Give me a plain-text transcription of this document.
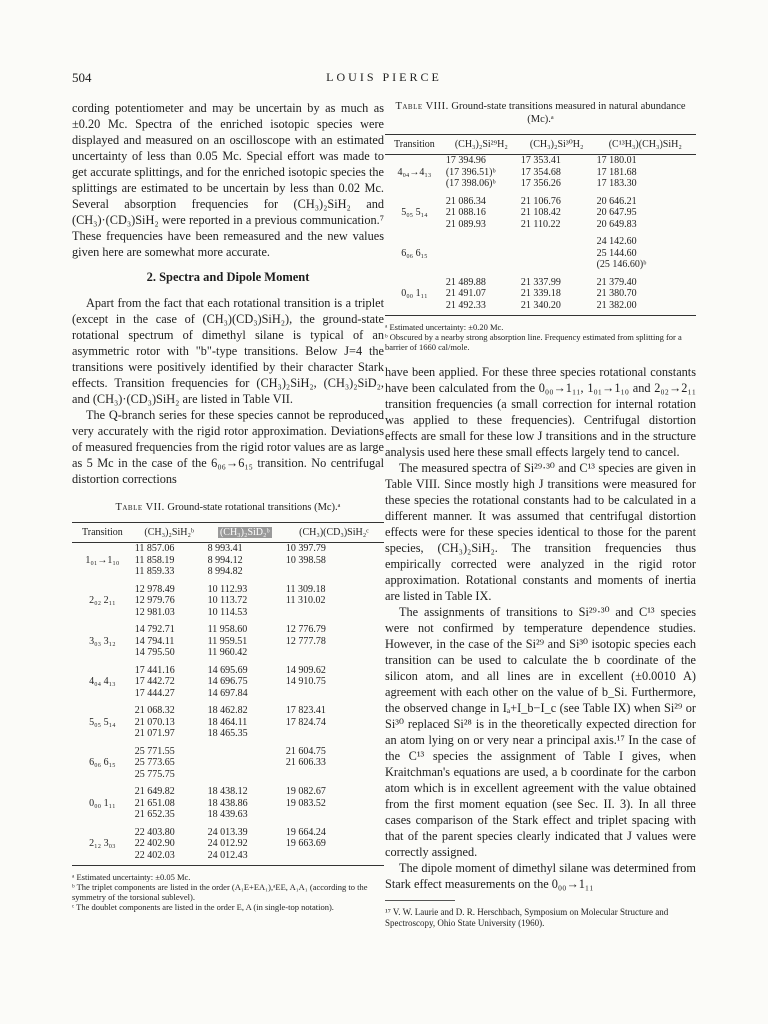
504	LOUIS PIERCE

cording potentiometer and may be uncertain by as much as ±0.20 Mc. Spectra of the enriched isotopic species were displayed and measured on an oscilloscope with an estimated uncertainty of less than 0.05 Mc. Special effort was made to get accurate splittings, and for the enriched isotopic species the splittings are estimated to be uncertain by less than 0.02 Mc. Several absorption frequencies for (CH₃)₂SiH₂ and (CH₃)·(CD₃)SiH₂ were reported in a previous communication.⁷ These frequencies have been remeasured and the new values given here are somewhat more accurate.

2. Spectra and Dipole Moment

Apart from the fact that each rotational transition is a triplet (except in the case of (CH₃)(CD₃)SiH₂), the ground-state rotational spectrum of dimethyl silane is typical of an asymmetric rotor with "b"-type transitions. Below J=4 the transitions were positively identified by their character Stark effects. Transition frequencies for (CH₃)₂SiH₂, (CH₃)₂SiD₂, and (CH₃)·(CD₃)SiH₂ are listed in Table VII.

The Q-branch series for these species cannot be reproduced very accurately with the rigid rotor approximation. Deviations of measured frequencies from the rigid rotor values are as large as 5 Mc in the case of the 6₀₆→6₁₅ transition. No centrifugal distortion corrections

Table VII. Ground-state rotational transitions (Mc).ᵃ
Transition	(CH₃)₂SiH₂ᵇ	(CH₃)₂SiD₂ᵇ	(CH₃)(CD₃)SiH₂ᶜ
	11 857.06	8 993.41	10 397.79
1₀₁→1₁₀	11 858.19	8 994.12	10 398.58
	11 859.33	8 994.82	

	12 978.49	10 112.93	11 309.18
2₀₂ 2₁₁	12 979.76	10 113.72	11 310.02
	12 981.03	10 114.53	

	14 792.71	11 958.60	12 776.79
3₀₃ 3₁₂	14 794.11	11 959.51	12 777.78
	14 795.50	11 960.42	

	17 441.16	14 695.69	14 909.62
4₀₄ 4₁₃	17 442.72	14 696.75	14 910.75
	17 444.27	14 697.84	

	21 068.32	18 462.82	17 823.41
5₀₅ 5₁₄	21 070.13	18 464.11	17 824.74
	21 071.97	18 465.35	

	25 771.55		21 604.75
6₀₆ 6₁₅	25 773.65		21 606.33
	25 775.75		

	21 649.82	18 438.12	19 082.67
0₀₀ 1₁₁	21 651.08	18 438.86	19 083.52
	21 652.35	18 439.63	

	22 403.80	24 013.39	19 664.24
2₁₂ 3₀₃	22 402.90	24 012.92	19 663.69
	22 402.03	24 012.43	

ᵃ Estimated uncertainty: ±0.05 Mc.
ᵇ The triplet components are listed in the order (A₁E+EA₁),ᵃEE, A₁A₁ (according to the symmetry of the torsional sublevel).
ᶜ The doublet components are listed in the order E, A (in single-top notation).
Table VIII. Ground-state transitions measured in natural abundance (Mc).ᵃ
Transition	(CH₃)₂Si²⁹H₂	(CH₃)₂Si³⁰H₂	(C¹³H₃)(CH₃)SiH₂
	17 394.96	17 353.41	17 180.01
4₀₄→4₁₃	(17 396.51)ᵇ	17 354.68	17 181.68
	(17 398.06)ᵇ	17 356.26	17 183.30

	21 086.34	21 106.76	20 646.21
5₀₅ 5₁₄	21 088.16	21 108.42	20 647.95
	21 089.93	21 110.22	20 649.83

			24 142.60
6₀₆ 6₁₅			25 144.60
			(25 146.60)ᵇ

	21 489.88	21 337.99	21 379.40
0₀₀ 1₁₁	21 491.07	21 339.18	21 380.70
	21 492.33	21 340.20	21 382.00

ᵃ Estimated uncertainty: ±0.20 Mc.
ᵇ Obscured by a nearby strong absorption line. Frequency estimated from splitting for a barrier of 1660 cal/mole.

have been applied. For these three species rotational constants have been calculated from the 0₀₀→1₁₁, 1₀₁→1₁₀ and 2₀₂→2₁₁ transition frequencies (a small correction for internal rotation was applied to these frequencies). Centrifugal distortion effects are small for these low J transitions and in the structure analysis used here these small effects largely tend to cancel.

The measured spectra of Si²⁹·³⁰ and C¹³ species are given in Table VIII. Since mostly high J transitions were measured for these species the rotational constants had to be calculated in a different manner. It was assumed that centrifugal distortion effects were for these species identical to those for the parent species, (CH₃)₂SiH₂. The transition frequencies thus empirically corrected were analyzed in the rigid rotor approximation. Rotational constants and moments of inertia are listed in Table IX.

The assignments of transitions to Si²⁹·³⁰ and C¹³ species were not confirmed by temperature dependence studies. However, in the case of the Si²⁹ and Si³⁰ isotopic species each transition can be used to calculate the b coordinate of the silicon atom, and all lines are in excellent (±0.0010 A) agreement with each other on the value of b_Si. Furthermore, the observed change in Iₐ+I_b−I_c (see Table IX) when Si²⁹ or Si³⁰ replaced Si²⁸ is in the theoretically expected direction for an atom lying on or very near a principal axis.¹⁷ In the case of the C¹³ species the assignment of Table I gives, when Kraitchman's equations are used, a b coordinate for the carbon atom which is in excellent agreement with the value obtained from the first moment equation (see Sec. II. 3). In all three cases comparison of the Stark effect and triplet spacing with that of the parent species clearly indicated that J values were correctly assigned.

The dipole moment of dimethyl silane was determined from Stark effect measurements on the 0₀₀→1₁₁

¹⁷ V. W. Laurie and D. R. Herschbach, Symposium on Molecular Structure and Spectroscopy, Ohio State University (1960).
